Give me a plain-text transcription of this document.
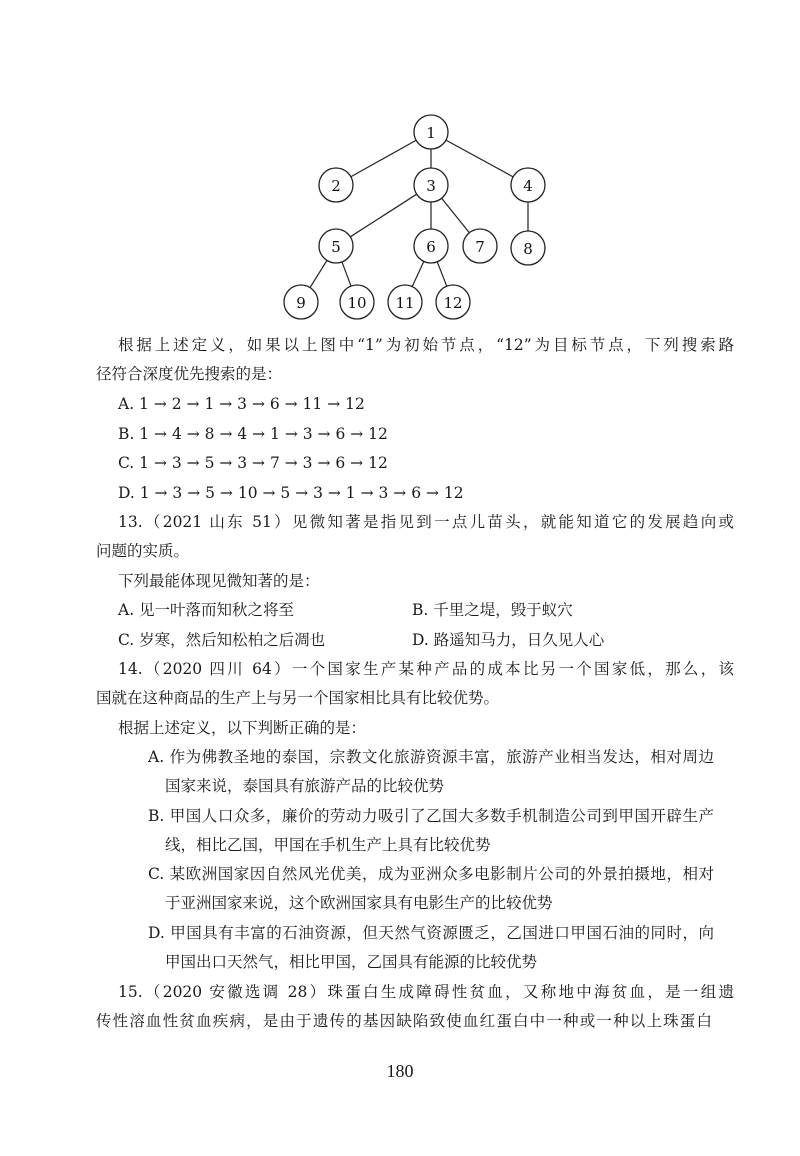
1
2	3	4
5	6	7	8
9	10 11 12
根据上述定义，如果以上图中“1”为初始节点，“12”为目标节点，下列搜索路
径符合深度优先搜索的是：
A. 1 → 2 → 1 → 3 → 6 → 11 → 12
B. 1 → 4 → 8 → 4 → 1 → 3 → 6 → 12
C. 1 → 3 → 5 → 3 → 7 → 3 → 6 → 12
D. 1 → 3 → 5 → 10 → 5 → 3 → 1 → 3 → 6 → 12
13.（2021 山东 51）见微知著是指见到一点儿苗头，就能知道它的发展趋向或
问题的实质。
下列最能体现见微知著的是：
A. 见一叶落而知秋之将至	B. 千里之堤，毁于蚁穴
C. 岁寒，然后知松柏之后凋也	D. 路遥知马力，日久见人心
14.（2020 四川 64）一个国家生产某种产品的成本比另一个国家低，那么，该
国就在这种商品的生产上与另一个国家相比具有比较优势。
根据上述定义，以下判断正确的是：
A. 作为佛教圣地的泰国，宗教文化旅游资源丰富，旅游产业相当发达，相对周边
国家来说，泰国具有旅游产品的比较优势
B. 甲国人口众多，廉价的劳动力吸引了乙国大多数手机制造公司到甲国开辟生产
线，相比乙国，甲国在手机生产上具有比较优势
C. 某欧洲国家因自然风光优美，成为亚洲众多电影制片公司的外景拍摄地，相对
于亚洲国家来说，这个欧洲国家具有电影生产的比较优势
D. 甲国具有丰富的石油资源，但天然气资源匮乏，乙国进口甲国石油的同时，向
甲国出口天然气，相比甲国，乙国具有能源的比较优势
15.（2020 安徽选调 28）珠蛋白生成障碍性贫血，又称地中海贫血，是一组遗
传性溶血性贫血疾病，是由于遗传的基因缺陷致使血红蛋白中一种或一种以上珠蛋白
180
